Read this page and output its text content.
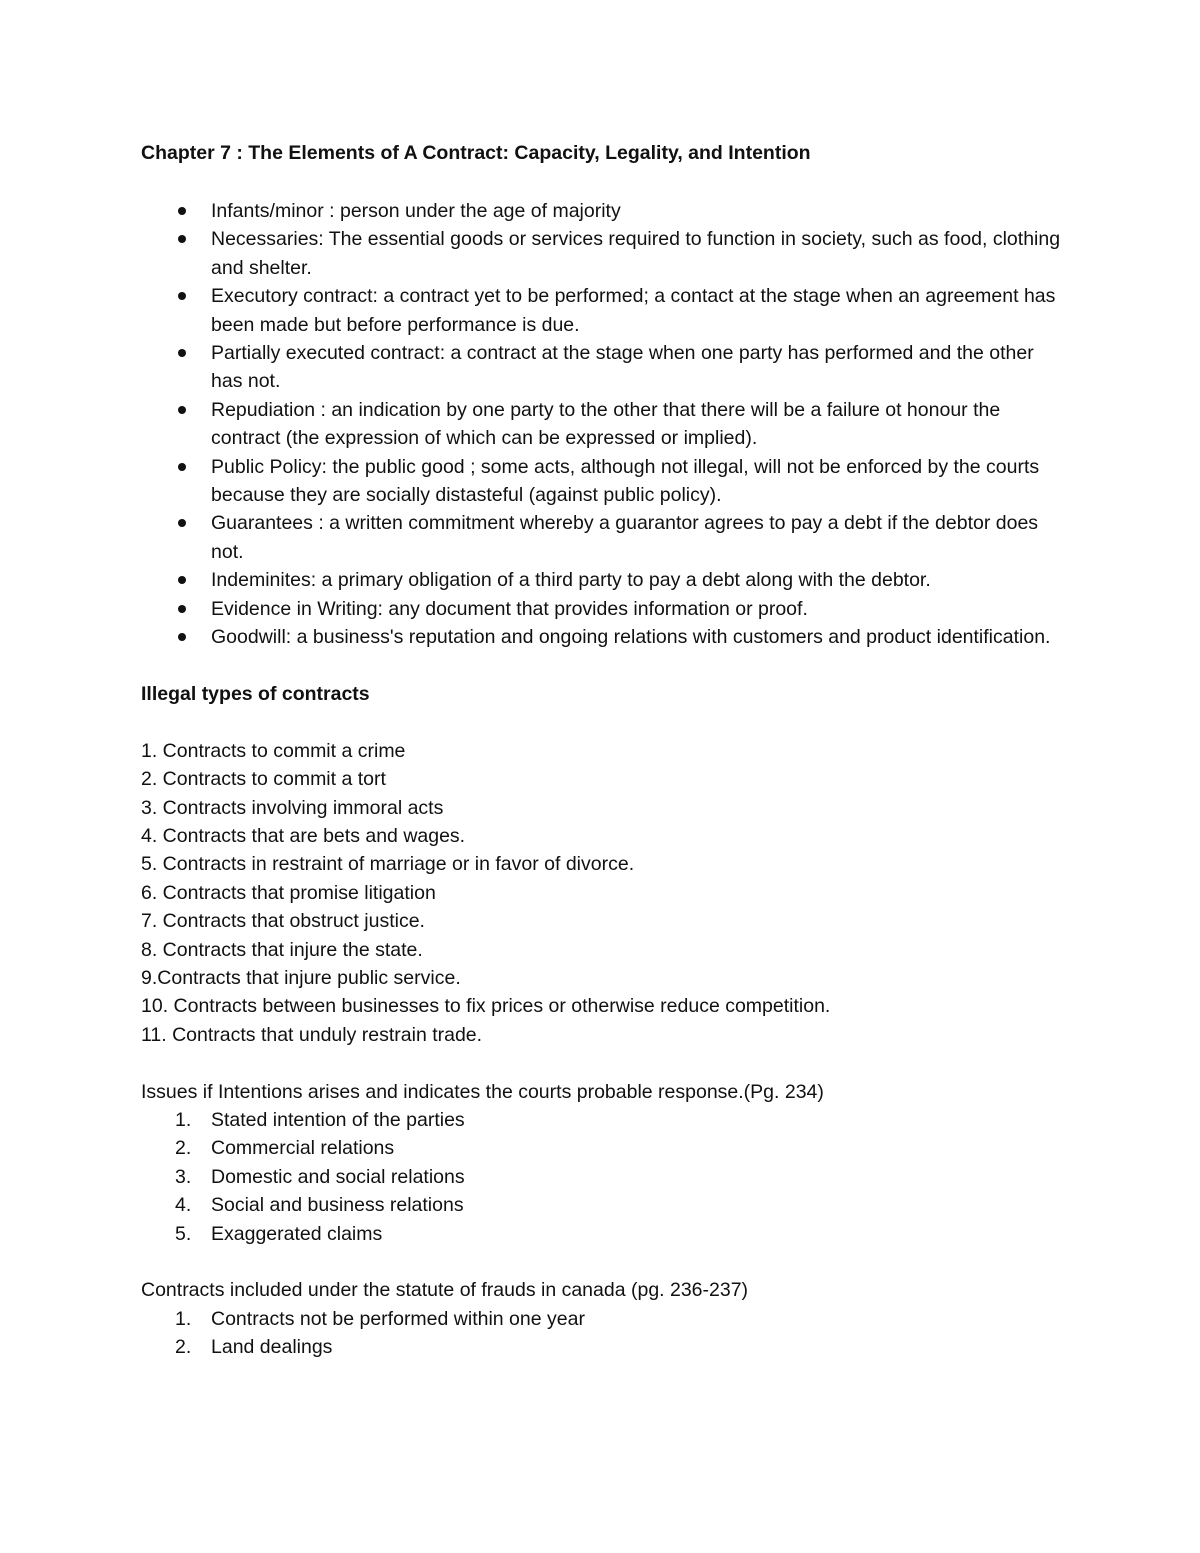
Chapter 7 : The Elements of A Contract: Capacity, Legality, and Intention
Infants/minor : person under the age of majority
Necessaries: The essential goods or services required to function in society, such as food, clothing and shelter.
Executory contract: a contract yet to be performed; a contact at the stage when an agreement has been made but before performance is due.
Partially executed contract: a contract at the stage when one party has performed and the other has not.
Repudiation : an indication by one party to the other that there will be a failure ot honour the contract (the expression of which can be expressed or implied).
Public Policy: the public good ; some acts, although not illegal, will not be enforced by the courts because they are socially distasteful (against public policy).
Guarantees : a written commitment whereby a guarantor agrees to pay a debt if the debtor does not.
Indeminites: a primary obligation of a third party to pay a debt along with the debtor.
Evidence in Writing: any document that provides information or proof.
Goodwill: a business's reputation and ongoing relations with customers and product identification.
Illegal types of contracts
1. Contracts to commit a crime
2. Contracts to commit a tort
3. Contracts involving immoral acts
4. Contracts that are bets and wages.
5. Contracts in restraint of marriage or in favor of divorce.
6. Contracts that promise litigation
7. Contracts that obstruct justice.
8. Contracts that injure the state.
9.Contracts that injure public service.
10. Contracts between businesses to fix prices or otherwise reduce competition.
11. Contracts that unduly restrain trade.
Issues if Intentions arises and indicates the courts probable response.(Pg. 234)
1. Stated intention of the parties
2. Commercial relations
3. Domestic and social relations
4. Social and business relations
5. Exaggerated claims
Contracts included under the statute of frauds in canada (pg. 236-237)
1. Contracts not be performed within one year
2. Land dealings
